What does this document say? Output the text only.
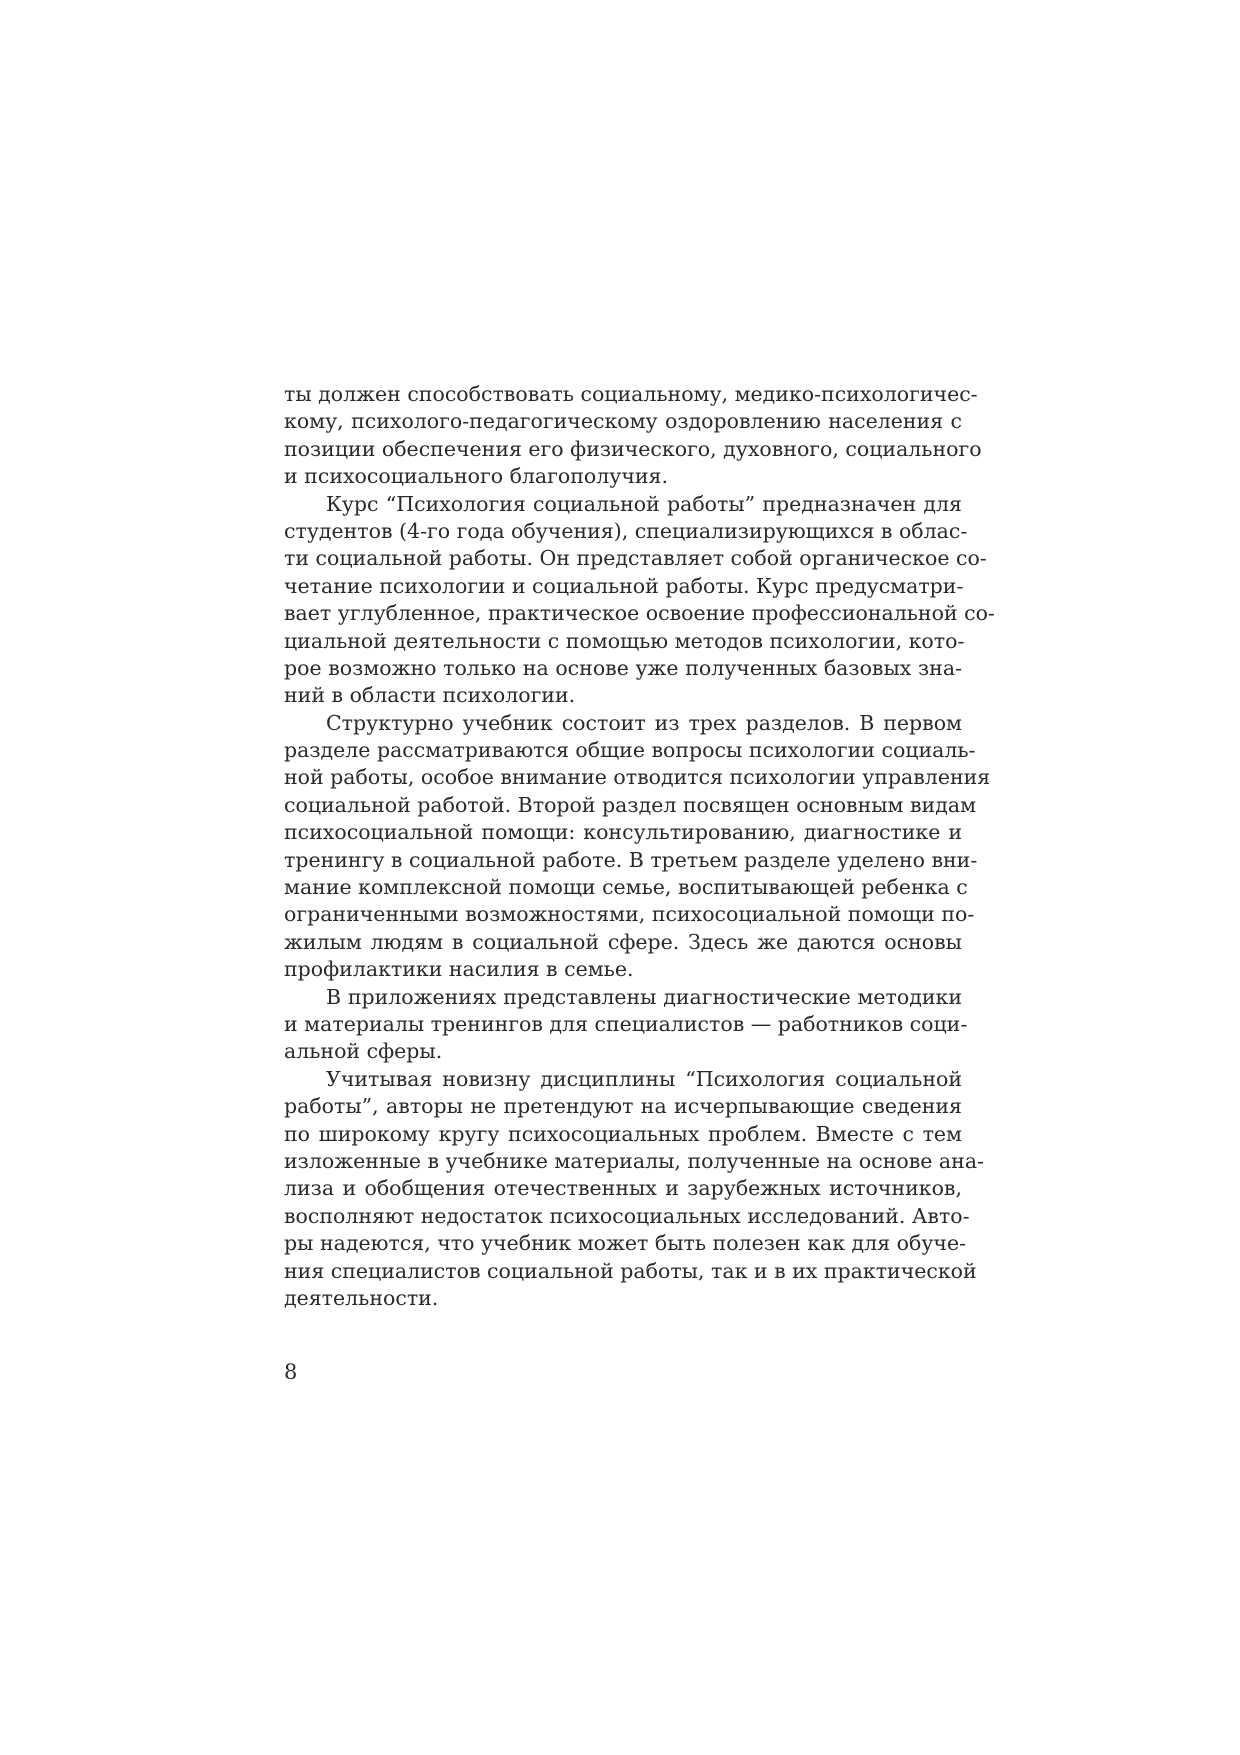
ты должен способствовать социальному, медико-психологичес-
кому, психолого-педагогическому оздоровлению населения с
позиции обеспечения его физического, духовного, социального
и психосоциального благополучия.
Курс “Психология социальной работы” предназначен для
студентов (4-го года обучения), специализирующихся в облас-
ти социальной работы. Он представляет собой органическое со-
четание психологии и социальной работы. Курс предусматри-
вает углубленное, практическое освоение профессиональной со-
циальной деятельности с помощью методов психологии, кото-
рое возможно только на основе уже полученных базовых зна-
ний в области психологии.
Структурно учебник состоит из трех разделов. В первом
разделе рассматриваются общие вопросы психологии социаль-
ной работы, особое внимание отводится психологии управления
социальной работой. Второй раздел посвящен основным видам
психосоциальной помощи: консультированию, диагностике и
тренингу в социальной работе. В третьем разделе уделено вни-
мание комплексной помощи семье, воспитывающей ребенка с
ограниченными возможностями, психосоциальной помощи по-
жилым людям в социальной сфере. Здесь же даются основы
профилактики насилия в семье.
В приложениях представлены диагностические методики
и материалы тренингов для специалистов — работников соци-
альной сферы.
Учитывая новизну дисциплины “Психология социальной
работы”, авторы не претендуют на исчерпывающие сведения
по широкому кругу психосоциальных проблем. Вместе с тем
изложенные в учебнике материалы, полученные на основе ана-
лиза и обобщения отечественных и зарубежных источников,
восполняют недостаток психосоциальных исследований. Авто-
ры надеются, что учебник может быть полезен как для обуче-
ния специалистов социальной работы, так и в их практической
деятельности.
8
